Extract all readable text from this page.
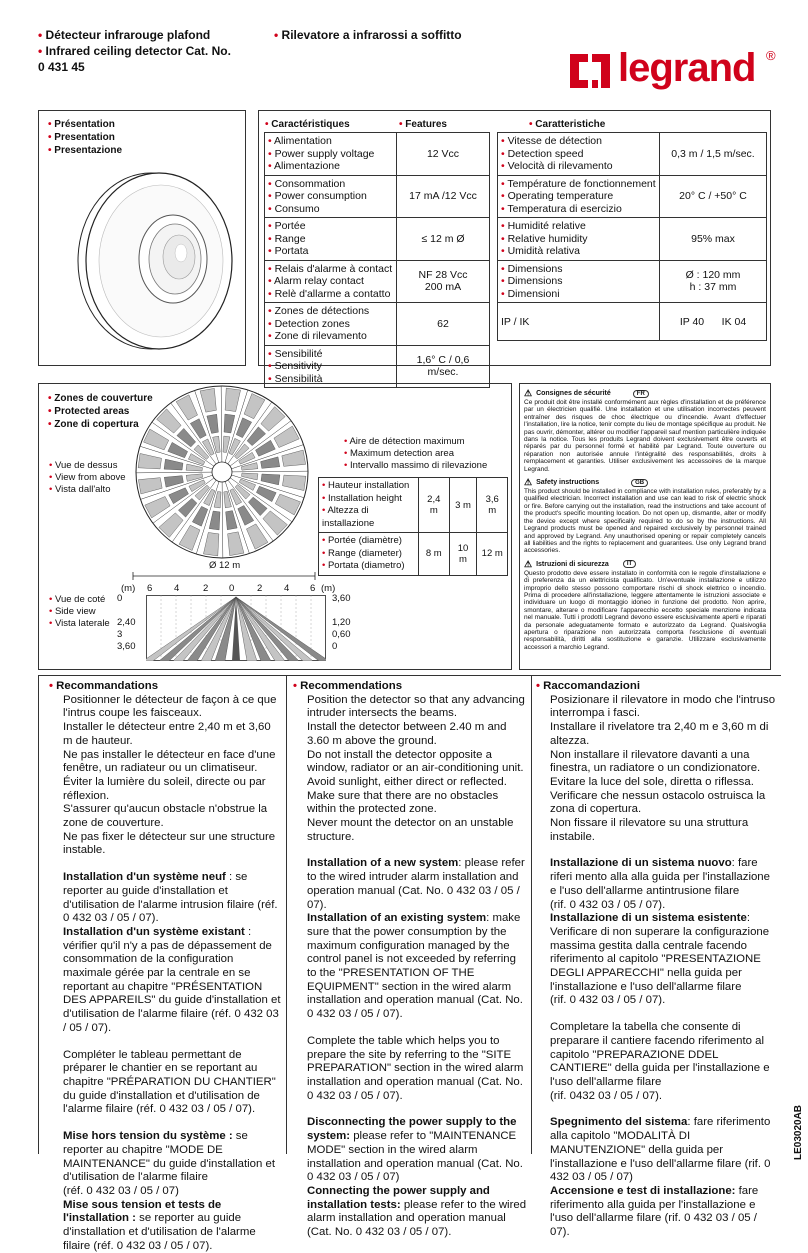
• Détecteur infrarouge plafond
• Infrared ceiling detector Cat. No.
0 431 45
• Rilevatore a infrarossi a soffitto
legrand ®
• Présentation
• Presentation
• Presentazione
• Caractéristiques	• Features	• Caratteristiche
• Alimentation
• Power supply voltage
• Alimentazione	12 Vcc

• Consommation
• Power consumption
• Consumo	17 mA /12 Vcc

• Portée
• Range
• Portata	≤ 12 m Ø

• Relais d'alarme à contact
• Alarm relay contact
• Relè d'allarme a contatto	NF 28 Vcc
200 mA

• Zones de détections
• Detection zones
• Zone di rilevamento	62

• Sensibilité
• Sensitivity
• Sensibilità	1,6° C / 0,6 m/sec.
• Vitesse de détection
• Detection speed
• Velocità di rilevamento	0,3 m / 1,5 m/sec.

• Température de fonctionnement
• Operating temperature
• Temperatura di esercizio	20° C / +50° C

• Humidité relative
• Relative humidity
• Umidità relativa	95% max

• Dimensions
• Dimensions
• Dimensioni	Ø : 120 mm
h : 37 mm

IP / IK	IP 40 IK 04
• Zones de couverture
• Protected areas
• Zone di copertura
• Vue de dessus
• View from above
• Vista dall'alto
• Vue de coté
• Side view
• Vista laterale
Ø 12 m
• Aire de détection maximum
• Maximum detection area
• Intervallo massimo di rilevazione
• Hauteur installation
• Installation height
• Altezza di installazione	2,4 m	3 m	3,6 m

• Portée (diamètre)
• Range (diameter)
• Portata (diametro)	8 m	10 m	12 m
(m)	(m)
6 4 2 0 2 4 6
0
2,40
3
3,60
3,60
1,20
0,60
0
⚠ Consignes de sécurité	FR
Ce produit doit être installé conformément aux règles d'installation et de préférence par un électricien qualifié. Une installation et une utilisation incorrectes peuvent entraîner des risques de choc électrique ou d'incendie. Avant d'effectuer l'installation, lire la notice, tenir compte du lieu de montage spécifique au produit. Ne pas ouvrir, démonter, altérer ou modifier l'appareil sauf mention particulière indiquée dans la notice. Tous les produits Legrand doivent exclusivement être ouverts et réparés par du personnel formé et habilité par Legrand. Toute ouverture ou réparation non autorisée annule l'intégralité des responsabilités, droits à remplacement et garanties. Utiliser exclusivement les accessoires de la marque Legrand.
⚠ Safety instructions	GB
This product should be installed in compliance with installation rules, preferably by a qualified electrician. Incorrect installation and use can lead to risk of electric shock or fire. Before carrying out the installation, read the instructions and take account of the product's specific mounting location. Do not open up, dismantle, alter or modify the device except where specifically required to do so by the instructions. All Legrand products must be opened and repaired exclusively by personnel trained and approved by Legrand. Any unauthorised opening or repair completely cancels all liabilities and the rights to replacement and guarantees. Use only Legrand brand accessories.
⚠ Istruzioni di sicurezza	IT
Questo prodotto deve essere installato in conformità con le regole d'installazione e di preferenza da un elettricista qualificato. Un'eventuale installazione e utilizzo improprio dello stesso possono comportare rischi di shock elettrico o incendio. Prima di procedere all'installazione, leggere attentamente le istruzioni associate e individuare un luogo di montaggio idoneo in funzione del prodotto. Non aprire, smontare, alterare o modificare l'apparecchio eccetto speciale menzione indicata nel manuale. Tutti i prodotti Legrand devono essere esclusivamente aperti e riparati da personale adeguatamente formato e autorizzato da Legrand. Qualsivoglia apertura o riparazione non autorizzata comporta l'esclusione di eventuali responsabilità, diritti alla sostituzione e garanzie. Utilizzare esclusivamente accessori a marchio Legrand.

• Recommandations

Positionner le détecteur de façon à ce que l'intrus coupe les faisceaux.

Installer le détecteur entre 2,40 m et 3,60 m de hauteur.

Ne pas installer le détecteur en face d'une fenêtre, un radiateur ou un climatiseur.

Éviter la lumière du soleil, directe ou par réflexion.

S'assurer qu'aucun obstacle n'obstrue la zone de couverture.

Ne pas fixer le détecteur sur une structure instable.

Installation d'un système neuf : se reporter au guide d'installation et d'utilisation de l'alarme intrusion filaire (réf. 0 432 03 / 05 / 07).

Installation d'un système existant : vérifier qu'il n'y a pas de dépassement de consommation de la configuration maximale gérée par la centrale en se reportant au chapitre "PRÉSENTATION DES APPAREILS" du guide d'installation et d'utilisation de l'alarme filaire (réf. 0 432 03 / 05 / 07).

Compléter le tableau permettant de préparer le chantier en se reportant au chapitre "PRÉPARATION DU CHANTIER" du guide d'installation et d'utilisation de l'alarme filaire (réf. 0 432 03 / 05 / 07).

Mise hors tension du système : se reporter au chapitre "MODE DE MAINTENANCE" du guide d'installation et d'utilisation de l'alarme filaire

(réf. 0 432 03 / 05 / 07)

Mise sous tension et tests de l'installation : se reporter au guide d'installation et d'utilisation de l'alarme filaire (réf. 0 432 03 / 05 / 07).

• Recommendations

Position the detector so that any advancing intruder intersects the beams.

Install the detector between 2.40 m and 3.60 m above the ground.

Do not install the detector opposite a window, radiator or an air-conditioning unit.

Avoid sunlight, either direct or reflected.

Make sure that there are no obstacles within the protected zone.

Never mount the detector on an unstable structure.

Installation of a new system: please refer to the wired intruder alarm installation and operation manual (Cat. No. 0 432 03 / 05 / 07).

Installation of an existing system: make sure that the power consumption by the maximum configuration managed by the control panel is not exceeded by referring to the "PRESENTATION OF THE EQUIPMENT" section in the wired alarm installation and operation manual (Cat. No. 0 432 03 / 05 / 07).

Complete the table which helps you to prepare the site by referring to the "SITE PREPARATION" section in the wired alarm installation and operation manual (Cat. No. 0 432 03 / 05 / 07).

Disconnecting the power supply to the system: please refer to "MAINTENANCE MODE" section in the wired alarm installation and operation manual (Cat. No. 0 432 03 / 05 / 07)

Connecting the power supply and installation tests: please refer to the wired alarm installation and operation manual (Cat. No. 0 432 03 / 05 / 07).

• Raccomandazioni

Posizionare il rilevatore in modo che l'intruso interrompa i fasci.

Installare il rivelatore tra 2,40 m e 3,60 m di altezza.

Non installare il rilevatore davanti a una finestra, un radiatore o un condizionatore.

Evitare la luce del sole, diretta o riflessa.

Verificare che nessun ostacolo ostruisca la zona di copertura.

Non fissare il rilevatore su una struttura instabile.

Installazione di un sistema nuovo: fare riferi mento alla alla guida per l'installazione e l'uso dell'allarme antintrusione filare

(rif. 0 432 03 / 05 / 07).

Installazione di un sistema esistente: Verificare di non superare la configurazione massima gestita dalla centrale facendo riferimento al capitolo "PRESENTAZIONE DEGLI APPARECCHI" nella guida per l'installazione e l'uso dell'allarme filare

(rif. 0 432 03 / 05 / 07).

Completare la tabella che consente di preparare il cantiere facendo riferimento al capitolo "PREPARAZIONE DDEL CANTIERE" della guida per l'installazione e l'uso dell'allarme filare

(rif. 0432 03 / 05 / 07).

Spegnimento del sistema: fare riferimento alla capitolo "MODALITÀ DI MANUTENZIONE" della guida per l'installazione e l'uso dell'allarme filare (rif. 0 432 03 / 05 / 07)

Accensione e test di installazione: fare riferimento alla guida per l'installazione e l'uso dell'allarme filare (rif. 0 432 03 / 05 / 07).

LE03020AB
